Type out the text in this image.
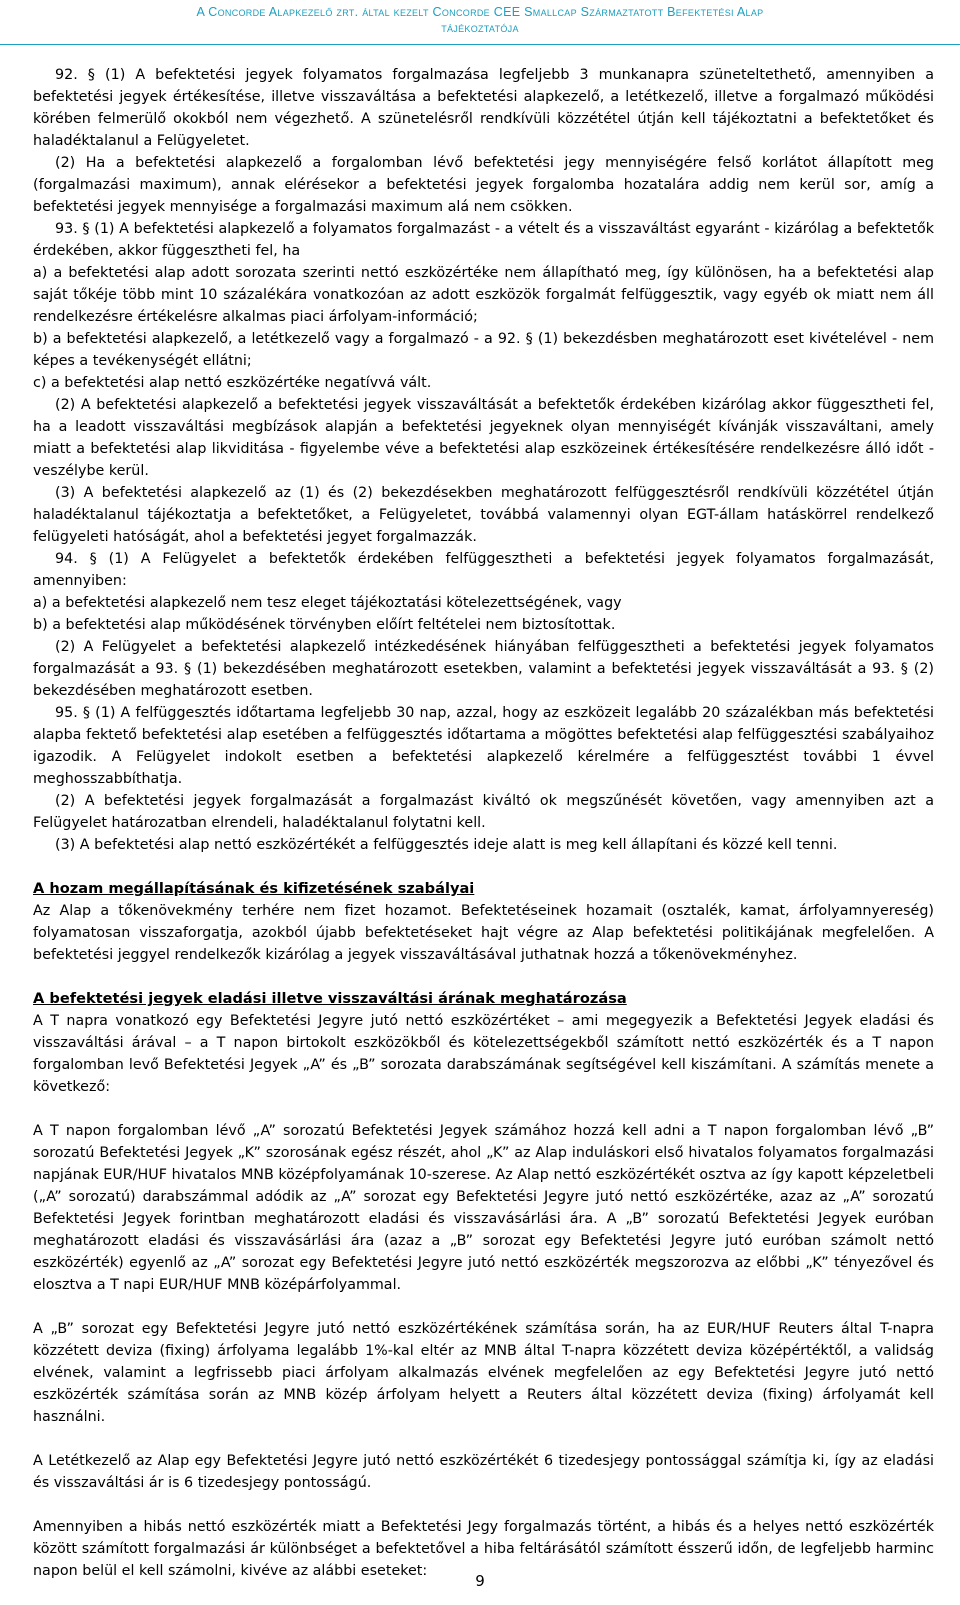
A Concorde Alapkezelő zrt. által kezelt Concorde CEE Smallcap Származtatott Befektetési Alap
tájékoztatója

92. § (1) A befektetési jegyek folyamatos forgalmazása legfeljebb 3 munkanapra szüneteltethető, amennyiben a befektetési jegyek értékesítése, illetve visszaváltása a befektetési alapkezelő, a letétkezelő, illetve a forgalmazó működési körében felmerülő okokból nem végezhető. A szünetelésről rendkívüli közzététel útján kell tájékoztatni a befektetőket és haladéktalanul a Felügyeletet.

(2) Ha a befektetési alapkezelő a forgalomban lévő befektetési jegy mennyiségére felső korlátot állapított meg (forgalmazási maximum), annak elérésekor a befektetési jegyek forgalomba hozatalára addig nem kerül sor, amíg a befektetési jegyek mennyisége a forgalmazási maximum alá nem csökken.

93. § (1) A befektetési alapkezelő a folyamatos forgalmazást - a vételt és a visszaváltást egyaránt - kizárólag a befektetők érdekében, akkor függesztheti fel, ha

a) a befektetési alap adott sorozata szerinti nettó eszközértéke nem állapítható meg, így különösen, ha a befektetési alap saját tőkéje több mint 10 százalékára vonatkozóan az adott eszközök forgalmát felfüggesztik, vagy egyéb ok miatt nem áll rendelkezésre értékelésre alkalmas piaci árfolyam-információ;

b) a befektetési alapkezelő, a letétkezelő vagy a forgalmazó - a 92. § (1) bekezdésben meghatározott eset kivételével - nem képes a tevékenységét ellátni;

c) a befektetési alap nettó eszközértéke negatívvá vált.

(2) A befektetési alapkezelő a befektetési jegyek visszaváltását a befektetők érdekében kizárólag akkor függesztheti fel, ha a leadott visszaváltási megbízások alapján a befektetési jegyeknek olyan mennyiségét kívánják visszaváltani, amely miatt a befektetési alap likviditása - figyelembe véve a befektetési alap eszközeinek értékesítésére rendelkezésre álló időt - veszélybe kerül.

(3) A befektetési alapkezelő az (1) és (2) bekezdésekben meghatározott felfüggesztésről rendkívüli közzététel útján haladéktalanul tájékoztatja a befektetőket, a Felügyeletet, továbbá valamennyi olyan EGT-állam hatáskörrel rendelkező felügyeleti hatóságát, ahol a befektetési jegyet forgalmazzák.

94. § (1) A Felügyelet a befektetők érdekében felfüggesztheti a befektetési jegyek folyamatos forgalmazását, amennyiben:

a) a befektetési alapkezelő nem tesz eleget tájékoztatási kötelezettségének, vagy

b) a befektetési alap működésének törvényben előírt feltételei nem biztosítottak.

(2) A Felügyelet a befektetési alapkezelő intézkedésének hiányában felfüggesztheti a befektetési jegyek folyamatos forgalmazását a 93. § (1) bekezdésében meghatározott esetekben, valamint a befektetési jegyek visszaváltását a 93. § (2) bekezdésében meghatározott esetben.

95. § (1) A felfüggesztés időtartama legfeljebb 30 nap, azzal, hogy az eszközeit legalább 20 százalékban más befektetési alapba fektető befektetési alap esetében a felfüggesztés időtartama a mögöttes befektetési alap felfüggesztési szabályaihoz igazodik. A Felügyelet indokolt esetben a befektetési alapkezelő kérelmére a felfüggesztést további 1 évvel meghosszabbíthatja.

(2) A befektetési jegyek forgalmazását a forgalmazást kiváltó ok megszűnését követően, vagy amennyiben azt a Felügyelet határozatban elrendeli, haladéktalanul folytatni kell.

(3) A befektetési alap nettó eszközértékét a felfüggesztés ideje alatt is meg kell állapítani és közzé kell tenni.

A hozam megállapításának és kifizetésének szabályai

Az Alap a tőkenövekmény terhére nem fizet hozamot. Befektetéseinek hozamait (osztalék, kamat, árfolyamnyereség) folyamatosan visszaforgatja, azokból újabb befektetéseket hajt végre az Alap befektetési politikájának megfelelően. A befektetési jeggyel rendelkezők kizárólag a jegyek visszaváltásával juthatnak hozzá a tőkenövekményhez.

A befektetési jegyek eladási illetve visszaváltási árának meghatározása

A T napra vonatkozó egy Befektetési Jegyre jutó nettó eszközértéket – ami megegyezik a Befektetési Jegyek eladási és visszaváltási árával – a T napon birtokolt eszközökből és kötelezettségekből számított nettó eszközérték és a T napon forgalomban levő Befektetési Jegyek „A” és „B” sorozata darabszámának segítségével kell kiszámítani. A számítás menete a következő:

A T napon forgalomban lévő „A” sorozatú Befektetési Jegyek számához hozzá kell adni a T napon forgalomban lévő „B” sorozatú Befektetési Jegyek „K” szorosának egész részét, ahol „K” az Alap induláskori első hivatalos folyamatos forgalmazási napjának EUR/HUF hivatalos MNB középfolyamának 10-szerese. Az Alap nettó eszközértékét osztva az így kapott képzeletbeli („A” sorozatú) darabszámmal adódik az „A” sorozat egy Befektetési Jegyre jutó nettó eszközértéke, azaz az „A” sorozatú Befektetési Jegyek forintban meghatározott eladási és visszavásárlási ára. A „B” sorozatú Befektetési Jegyek euróban meghatározott eladási és visszavásárlási ára (azaz a „B” sorozat egy Befektetési Jegyre jutó euróban számolt nettó eszközérték) egyenlő az „A” sorozat egy Befektetési Jegyre jutó nettó eszközérték megszorozva az előbbi „K” tényezővel és elosztva a T napi EUR/HUF MNB középárfolyammal.

A „B” sorozat egy Befektetési Jegyre jutó nettó eszközértékének számítása során, ha az EUR/HUF Reuters által T-napra közzétett deviza (fixing) árfolyama legalább 1%-kal eltér az MNB által T-napra közzétett deviza középértéktől, a validság elvének, valamint a legfrissebb piaci árfolyam alkalmazás elvének megfelelően az egy Befektetési Jegyre jutó nettó eszközérték számítása során az MNB közép árfolyam helyett a Reuters által közzétett deviza (fixing) árfolyamát kell használni.

A Letétkezelő az Alap egy Befektetési Jegyre jutó nettó eszközértékét 6 tizedesjegy pontossággal számítja ki, így az eladási és visszaváltási ár is 6 tizedesjegy pontosságú.

Amennyiben a hibás nettó eszközérték miatt a Befektetési Jegy forgalmazás történt, a hibás és a helyes nettó eszközérték között számított forgalmazási ár különbséget a befektetővel a hiba feltárásától számított ésszerű időn, de legfeljebb harminc napon belül el kell számolni, kivéve az alábbi eseteket:

9
